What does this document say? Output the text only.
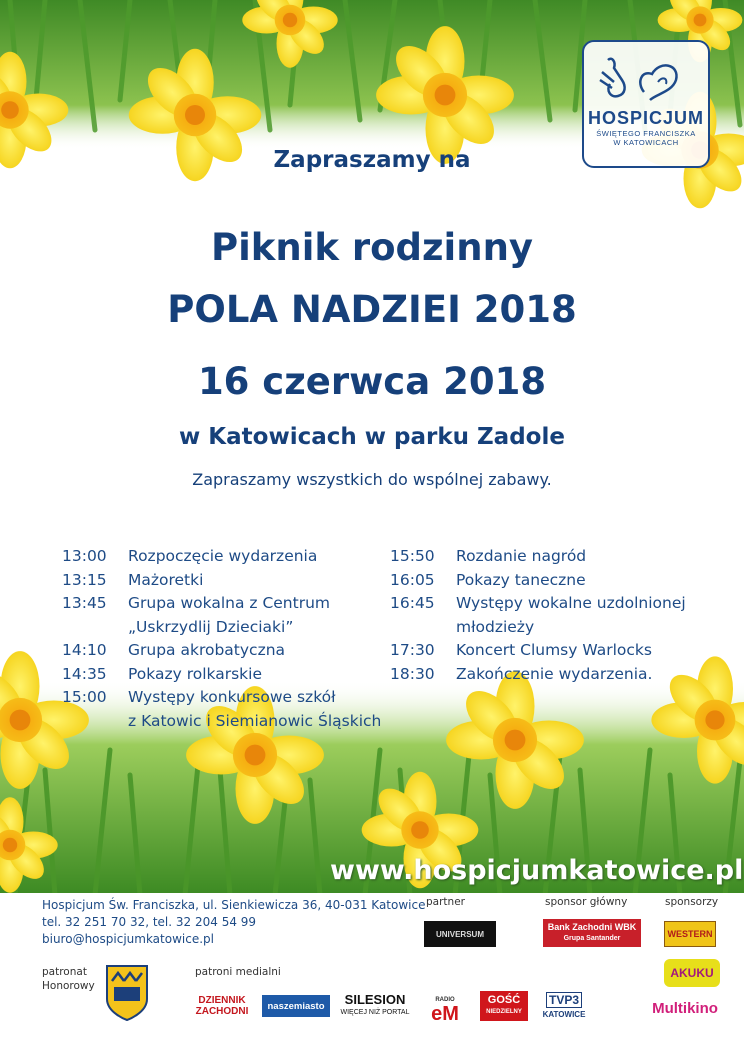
HOSPICJUM
ŚWIĘTEGO FRANCISZKA
W KATOWICACH
Zapraszamy na
Piknik rodzinny
POLA NADZIEI 2018
16 czerwca 2018
w Katowicach w parku Zadole
Zapraszamy wszystkich do wspólnej zabawy.
13:00	Rozpoczęcie wydarzenia
13:15	Mażoretki
13:45	Grupa wokalna z Centrum
„Uskrzydlij Dzieciaki”
14:10	Grupa akrobatyczna
14:35	Pokazy rolkarskie
15:00	Występy konkursowe szkół
z Katowic i Siemianowic Śląskich
15:50	Rozdanie nagród
16:05	Pokazy taneczne
16:45	Występy wokalne uzdolnionej
młodzieży
17:30	Koncert Clumsy Warlocks
18:30	Zakończenie wydarzenia.
www.hospicjumkatowice.pl
Hospicjum Św. Franciszka, ul. Sienkiewicza 36, 40-031 Katowice
tel. 32 251 70 32, tel. 32 204 54 99
biuro@hospicjumkatowice.pl
partner	sponsor główny	sponsorzy
UNIVERSUM
Bank Zachodni WBK
Grupa Santander	WESTERN
AKUKU
Multikino
patronat
Honorowy
patroni medialni
DZIENNIK
ZACHODNI naszemiasto SILESION
WIĘCEJ NIŻ PORTAL
RADIO
eM
GOŚĆ
NIEDZIELNY
TVP3
KATOWICE
